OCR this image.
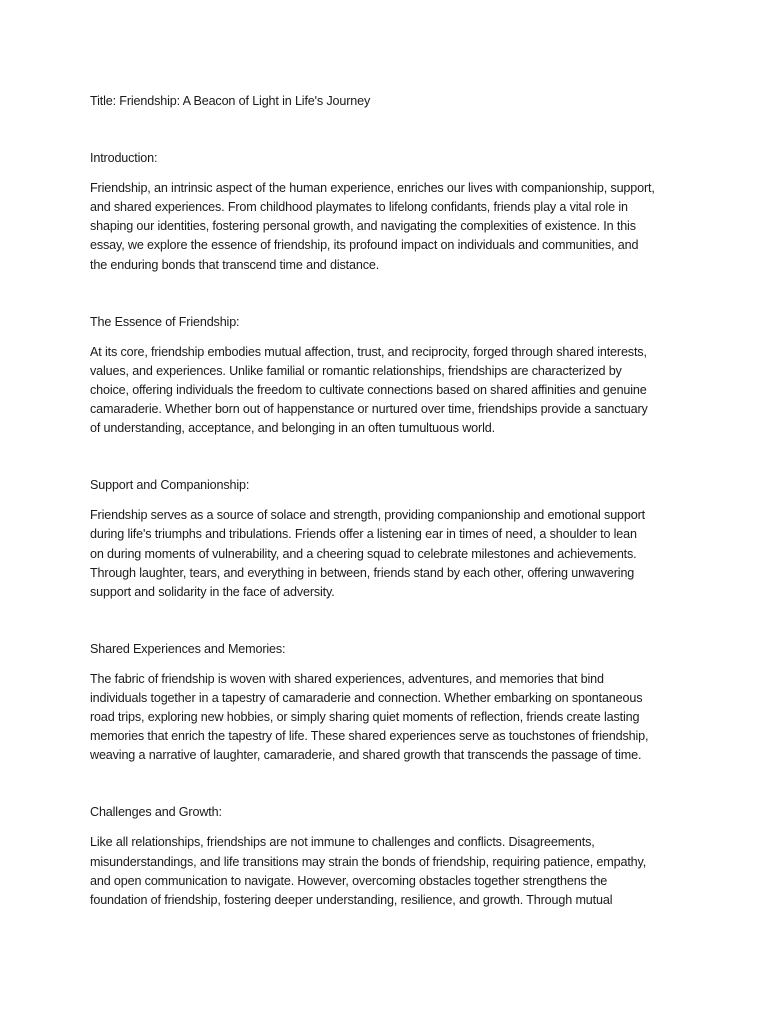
Title: Friendship: A Beacon of Light in Life's Journey

Introduction:

Friendship, an intrinsic aspect of the human experience, enriches our lives with companionship, support,

and shared experiences. From childhood playmates to lifelong confidants, friends play a vital role in

shaping our identities, fostering personal growth, and navigating the complexities of existence. In this

essay, we explore the essence of friendship, its profound impact on individuals and communities, and

the enduring bonds that transcend time and distance.

The Essence of Friendship:

At its core, friendship embodies mutual affection, trust, and reciprocity, forged through shared interests,

values, and experiences. Unlike familial or romantic relationships, friendships are characterized by

choice, offering individuals the freedom to cultivate connections based on shared affinities and genuine

camaraderie. Whether born out of happenstance or nurtured over time, friendships provide a sanctuary

of understanding, acceptance, and belonging in an often tumultuous world.

Support and Companionship:

Friendship serves as a source of solace and strength, providing companionship and emotional support

during life's triumphs and tribulations. Friends offer a listening ear in times of need, a shoulder to lean

on during moments of vulnerability, and a cheering squad to celebrate milestones and achievements.

Through laughter, tears, and everything in between, friends stand by each other, offering unwavering

support and solidarity in the face of adversity.

Shared Experiences and Memories:

The fabric of friendship is woven with shared experiences, adventures, and memories that bind

individuals together in a tapestry of camaraderie and connection. Whether embarking on spontaneous

road trips, exploring new hobbies, or simply sharing quiet moments of reflection, friends create lasting

memories that enrich the tapestry of life. These shared experiences serve as touchstones of friendship,

weaving a narrative of laughter, camaraderie, and shared growth that transcends the passage of time.

Challenges and Growth:

Like all relationships, friendships are not immune to challenges and conflicts. Disagreements,

misunderstandings, and life transitions may strain the bonds of friendship, requiring patience, empathy,

and open communication to navigate. However, overcoming obstacles together strengthens the

foundation of friendship, fostering deeper understanding, resilience, and growth. Through mutual
